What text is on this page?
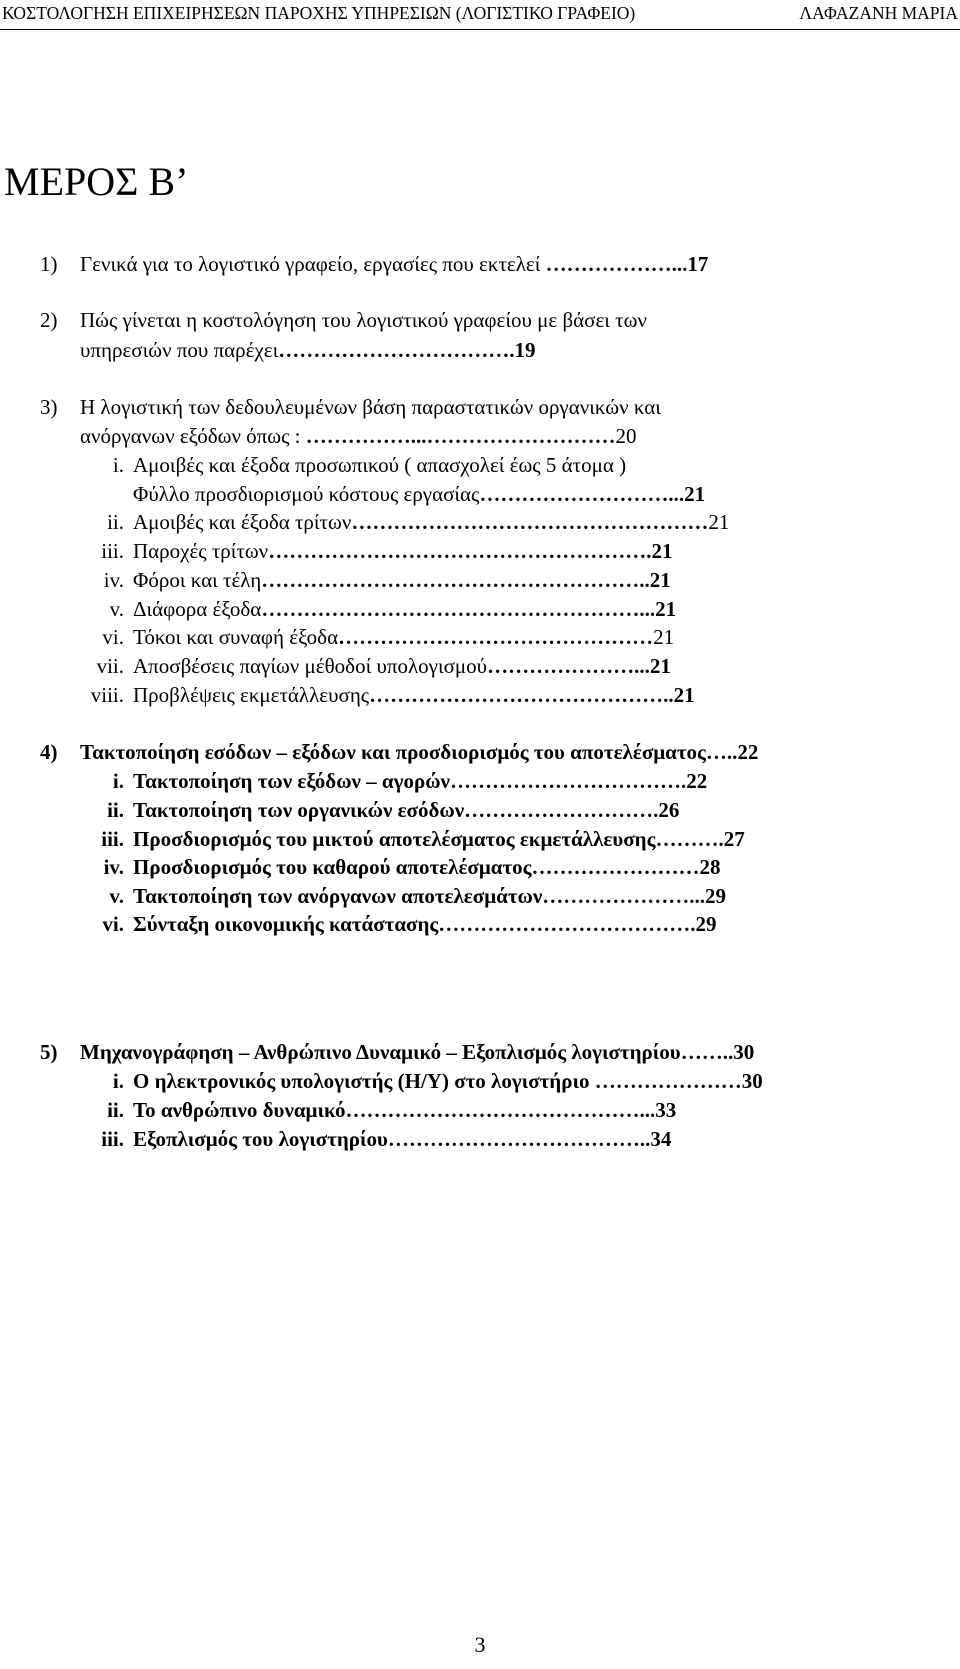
ΚΟΣΤΟΛΟΓΗΣΗ ΕΠΙΧΕΙΡΗΣΕΩΝ ΠΑΡΟΧΗΣ ΥΠΗΡΕΣΙΩΝ (ΛΟΓΙΣΤΙΚΟ ΓΡΑΦΕΙΟ)	ΛΑΦΑΖΑΝΗ ΜΑΡΙΑ
ΜΕΡΟΣ Β’
1)	Γενικά για το λογιστικό γραφείο, εργασίες που εκτελεί ………………...17
2)	Πώς γίνεται η κοστολόγηση του λογιστικού γραφείου με βάσει των
υπηρεσιών που παρέχει…………………………….19
3)	Η λογιστική των δεδουλευμένων βάση παραστατικών οργανικών και
ανόργανων εξόδων όπως : ……………...………………………20
i. Αμοιβές και έξοδα προσωπικού ( απασχολεί έως 5 άτομα )
Φύλλο προσδιορισμού κόστους εργασίας………………………...21
ii. Αμοιβές και έξοδα τρίτων……………………………………………21
iii. Παροχές τρίτων……………………………………………….21
iv. Φόροι και τέλη………………………………………………..21
v. Διάφορα έξοδα………………………………………………...21
vi. Τόκοι και συναφή έξοδα………………………………………21
vii. Αποσβέσεις παγίων μέθοδοί υπολογισμού…………………...21
viii. Προβλέψεις εκμετάλλευσης……………………………………..21
4)	Τακτοποίηση εσόδων – εξόδων και προσδιορισμός του αποτελέσματος…..22
i. Τακτοποίηση των εξόδων – αγορών…………………………….22
ii. Τακτοποίηση των οργανικών εσόδων……………………….26
iii. Προσδιορισμός του μικτού αποτελέσματος εκμετάλλευσης……….27
iv. Προσδιορισμός του καθαρού αποτελέσματος……………………28
v. Τακτοποίηση των ανόργανων αποτελεσμάτων…………………...29
vi. Σύνταξη οικονομικής κατάστασης……………………………….29
5)	Μηχανογράφηση – Ανθρώπινο Δυναμικό – Εξοπλισμός λογιστηρίου……..30
i. Ο ηλεκτρονικός υπολογιστής (Η/Υ) στο λογιστήριο …………………30
ii. Το ανθρώπινο δυναμικό……………………………………...33
iii. Εξοπλισμός του λογιστηρίου………………………………..34
3
